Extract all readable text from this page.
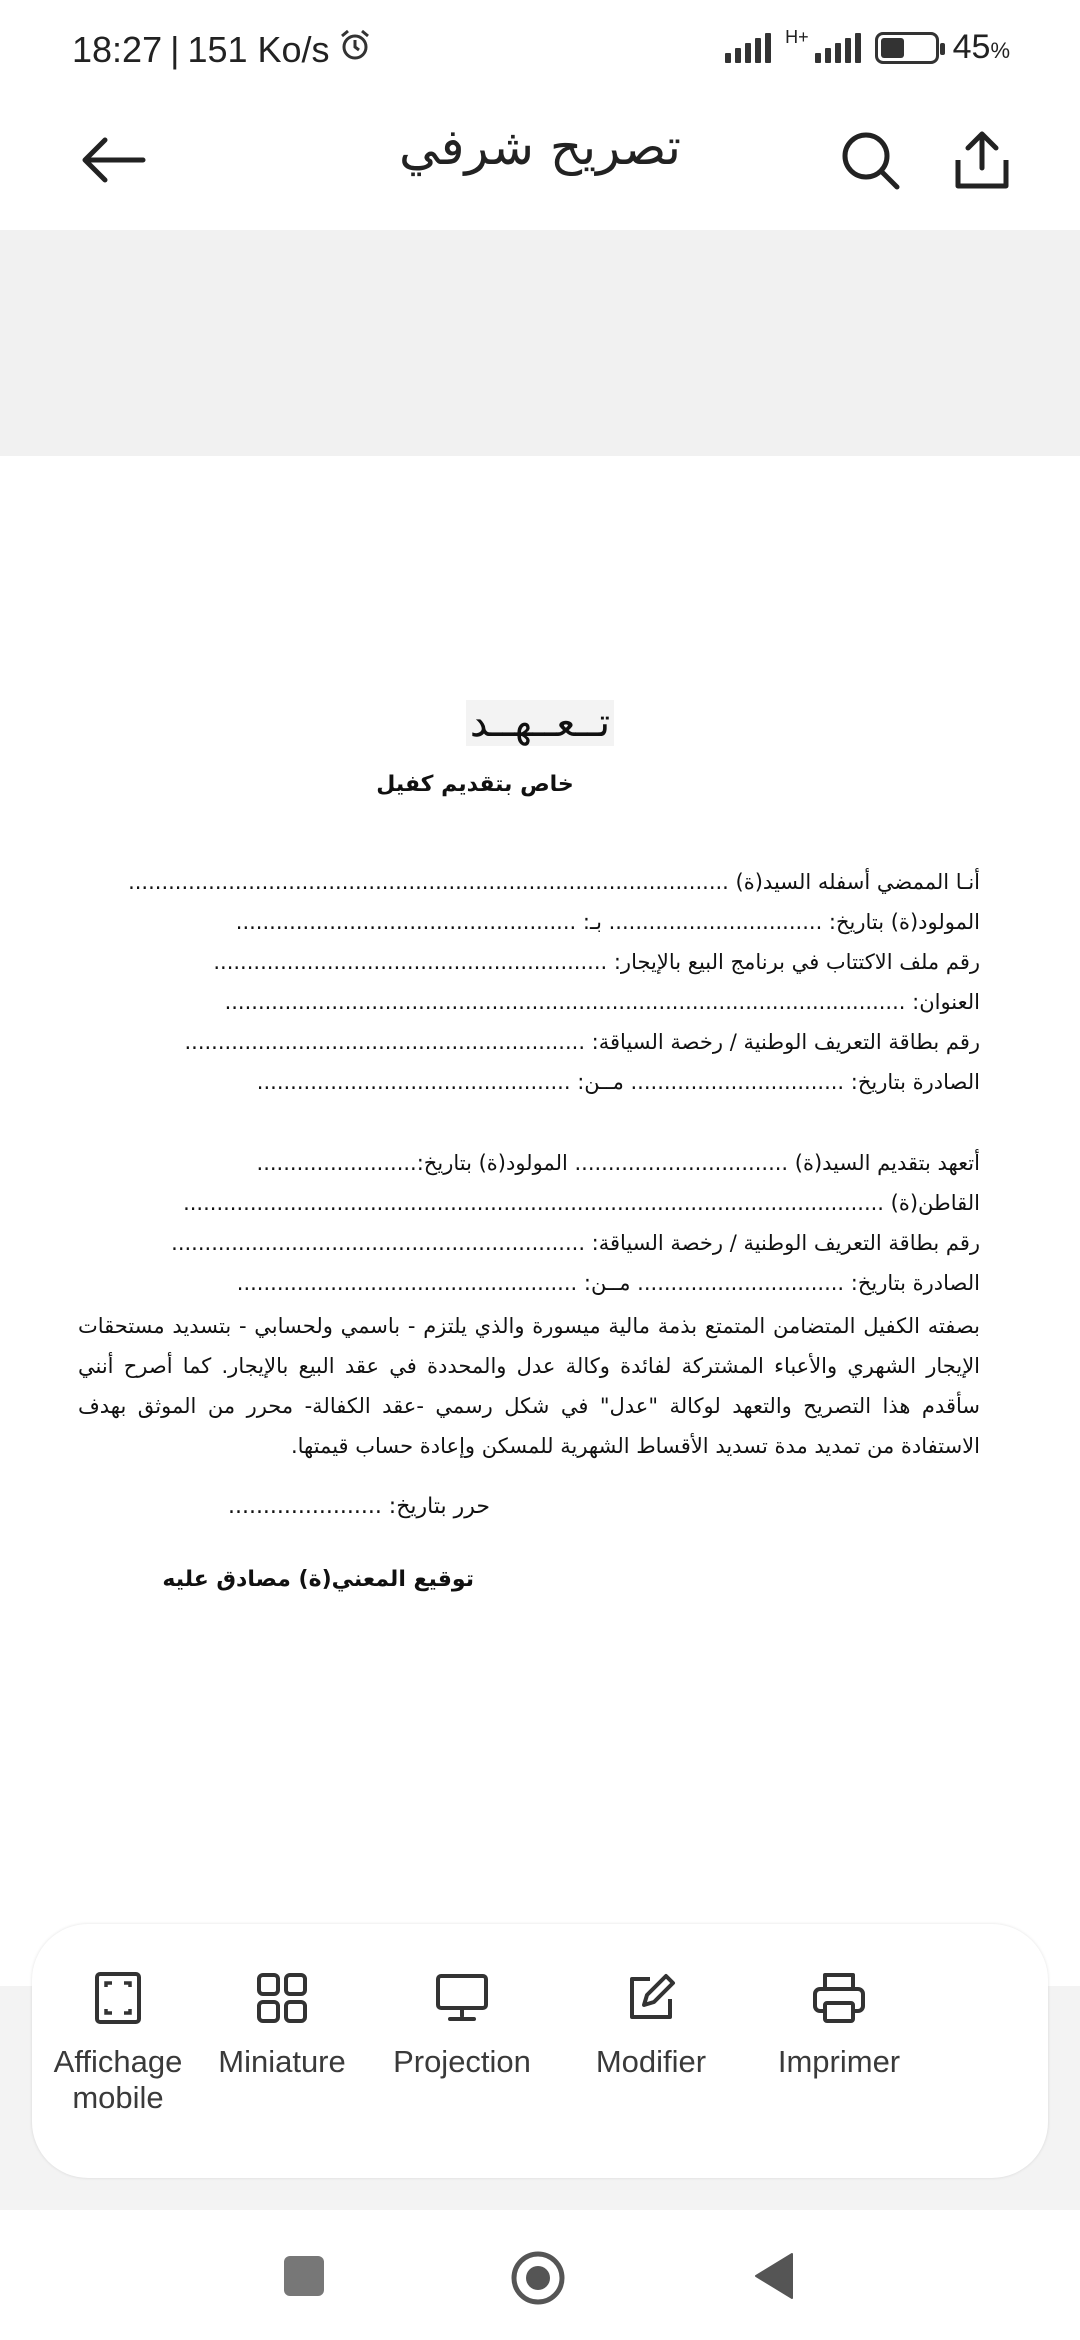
18:27 | 151 Ko/s	H+	45%
تصريح شرفي
تــعــهــد
خاص بتقديم كفيل
أنـا الممضي أسفله السيد(ة) ..........................................................................................
المولود(ة) بتاريخ: ................................ بـ: ...................................................
رقم ملف الاكتتاب في برنامج البيع بالإيجار: ...........................................................
العنوان: ......................................................................................................
رقم بطاقة التعريف الوطنية / رخصة السياقة: ............................................................
الصادرة بتاريخ: ................................ مــن: ...............................................
أتعهد بتقديم السيد(ة) ................................ المولود(ة) بتاريخ:........................
القاطن(ة) .........................................................................................................
رقم بطاقة التعريف الوطنية / رخصة السياقة: ..............................................................
الصادرة بتاريخ: ............................... مــن: ...................................................
بصفته الكفيل المتضامن المتمتع بذمة مالية ميسورة والذي يلتزم - باسمي ولحسابي - بتسديد مستحقات الإيجار الشهري والأعباء المشتركة لفائدة وكالة عدل والمحددة في عقد البيع بالإيجار. كما أصرح أنني سأقدم هذا التصريح والتعهد لوكالة "عدل" في شكل رسمي -عقد الكفالة- محرر من الموثق بهدف الاستفادة من تمديد مدة تسديد الأقساط الشهرية للمسكن وإعادة حساب قيمتها.
حرر بتاريخ: ......................
توقيع المعني(ة) مصادق عليه
Affichage
mobile
Miniature	Projection	Modifier	Imprimer
